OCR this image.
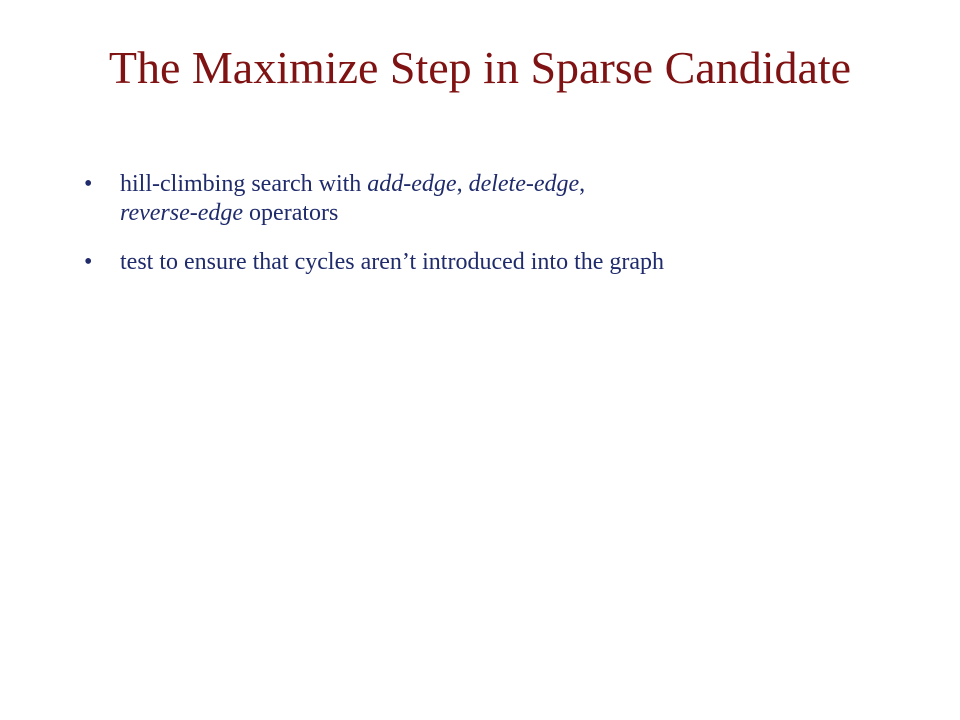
The Maximize Step in Sparse Candidate
• hill-climbing search with add-edge, delete-edge,
reverse-edge operators
• test to ensure that cycles aren’t introduced into the graph
